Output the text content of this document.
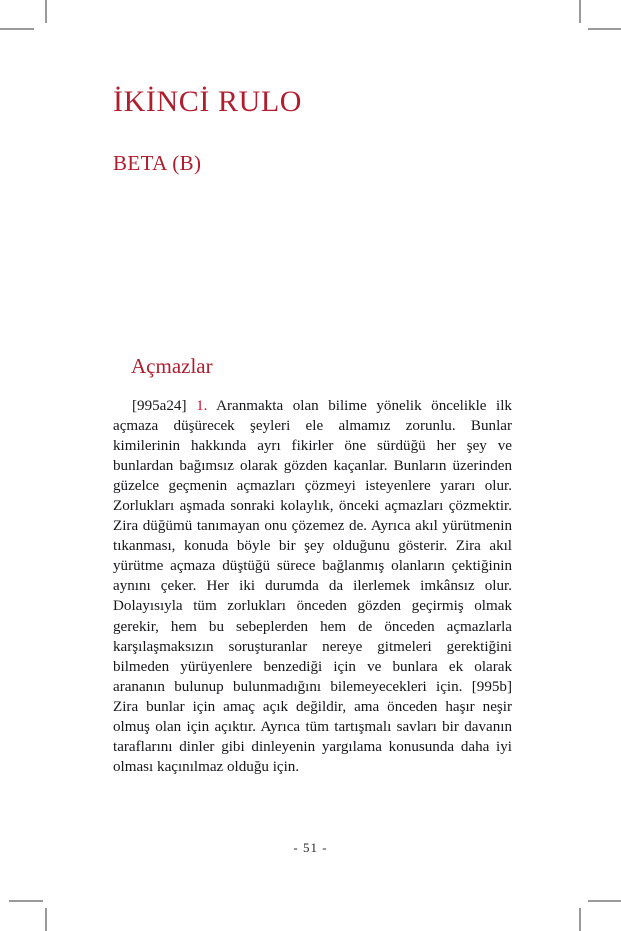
İKİNCİ RULO
BETA (B)
Açmazlar
[995a24] 1. Aranmakta olan bilime yönelik öncelikle ilk açmaza düşürecek şeyleri ele almamız zorunlu. Bunlar kimilerinin hakkında ayrı fikirler öne sürdüğü her şey ve bunlardan bağımsız olarak gözden kaçanlar. Bunların üzerinden güzelce geçmenin açmazları çözmeyi isteyenlere yararı olur. Zorlukları aşmada sonraki kolaylık, önceki açmazları çözmektir. Zira düğümü tanımayan onu çözemez de. Ayrıca akıl yürütmenin tıkanması, konuda böyle bir şey olduğunu gösterir. Zira akıl yürütme açmaza düştüğü sürece bağlanmış olanların çektiğinin aynını çeker. Her iki durumda da ilerlemek imkânsız olur. Dolayısıyla tüm zorlukları önceden gözden geçirmiş olmak gerekir, hem bu sebeplerden hem de önceden açmazlarla karşılaşmaksızın soruşturanlar nereye gitmeleri gerektiğini bilmeden yürüyenlere benzediği için ve bunlara ek olarak arananın bulunup bulunmadığını bilemeyecekleri için. [995b] Zira bunlar için amaç açık değildir, ama önceden haşır neşir olmuş olan için açıktır. Ayrıca tüm tartışmalı savları bir davanın taraflarını dinler gibi dinleyenin yargılama konusunda daha iyi olması kaçınılmaz olduğu için.
- 51 -
